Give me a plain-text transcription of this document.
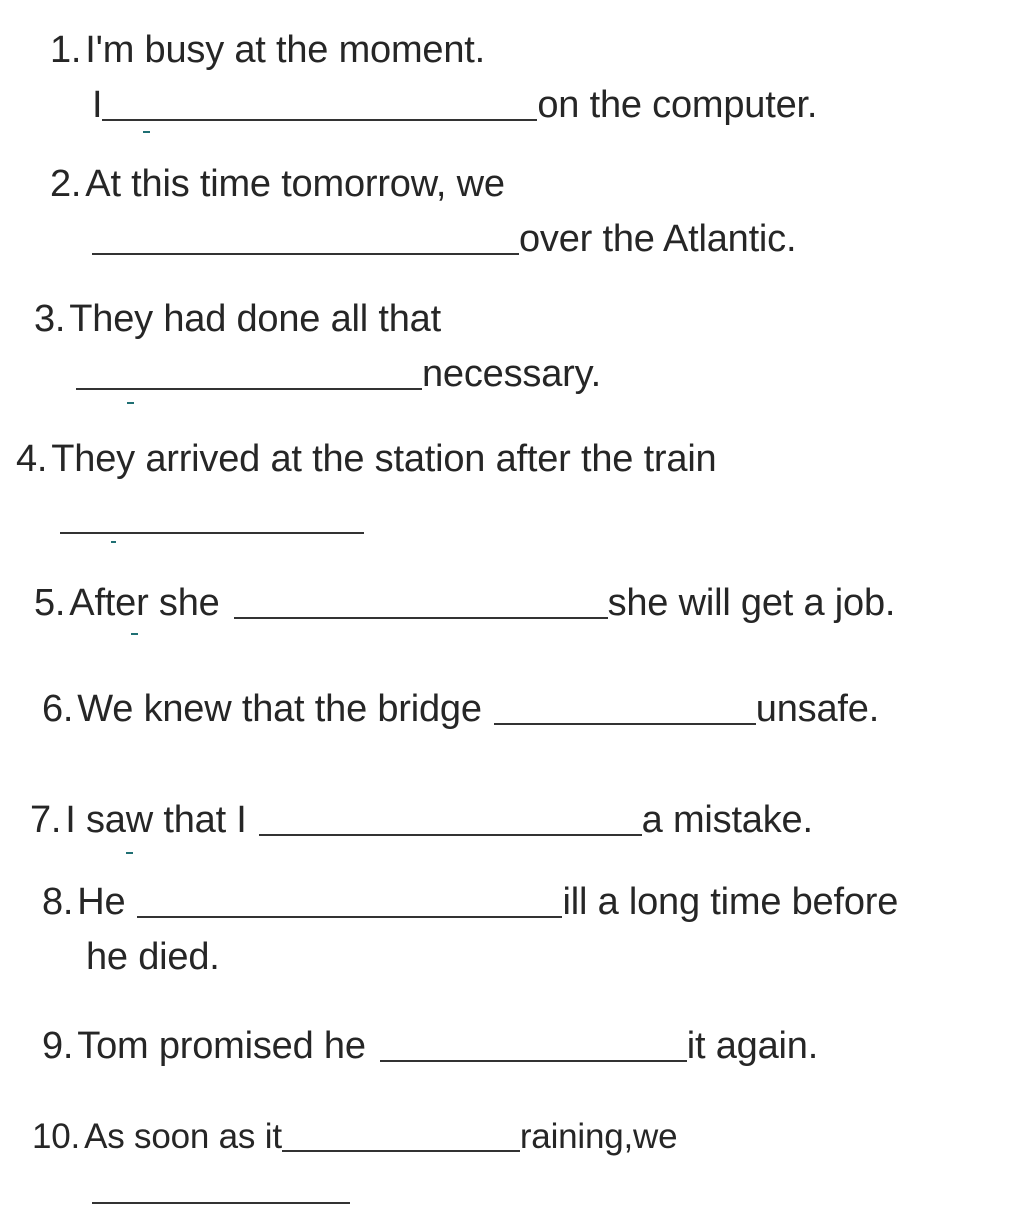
1. I'm busy at the moment.
I	on the computer.
2. At this time tomorrow, we
over the Atlantic.
3. They had done all that
necessary.
4. They arrived at the station after the train
5. After she	she will get a job.
6. We knew that the bridge	unsafe.
7. I saw that I	a mistake.
8. He	ill a long time before
he died.
9. Tom promised he	it again.
10. As soon as it	raining,we
